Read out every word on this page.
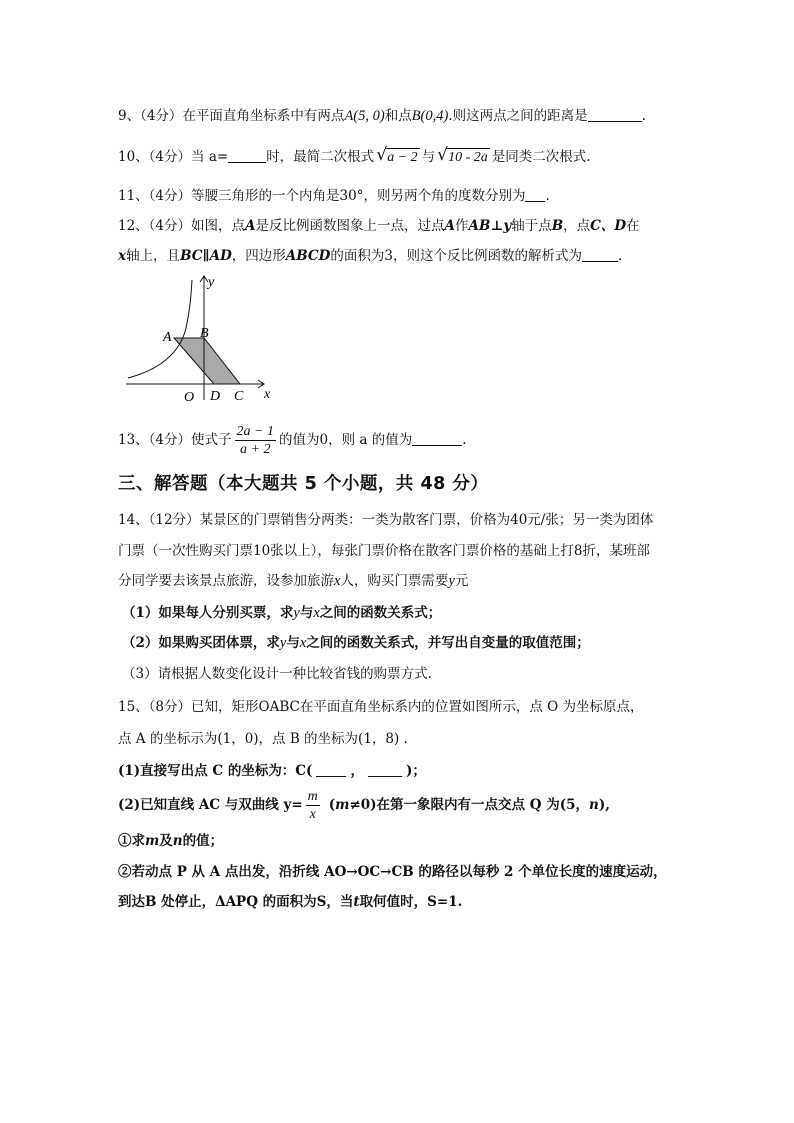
9、（4分）在平面直角坐标系中有两点A(5, 0)和点B(0,4).则这两点之间的距离是	.
10、（4分）当 a=	时，最简二次根式 √ a − 2 与 √ 10 - 2a 是同类二次根式.
11、（4分）等腰三角形的一个内角是30°，则另两个角的度数分别为 .
12、（4分）如图，点A是反比例函数图象上一点，过点A作AB⊥y轴于点B，点C、D在
x轴上，且BC∥AD，四边形ABCD的面积为3，则这个反比例函数的解析式为	.
y
x
A B
O D C
13、（4分）使式子 $\frac{2a - 1}{a + 2}$ 的值为0，则 a 的值为	.
三、解答题（本大题共 5 个小题，共 48 分）
14、（12分）某景区的门票销售分两类：一类为散客门票，价格为40元/张；另一类为团体
门票（一次性购买门票10张以上），每张门票价格在散客门票价格的基础上打8折，某班部
分同学要去该景点旅游，设参加旅游x人，购买门票需要y元
（1）如果每人分别买票，求y与x之间的函数关系式；
（2）如果购买团体票，求y与x之间的函数关系式，并写出自变量的取值范围；
（3）请根据人数变化设计一种比较省钱的购票方式.
15、（8分）已知，矩形OABC在平面直角坐标系内的位置如图所示，点 O 为坐标原点，
点 A 的坐标示为(1，0)，点 B 的坐标为(1，8) .
(1)直接写出点 C 的坐标为：C(	，	)；
(2)已知直线 AC 与双曲线 $y= \frac{m}{x} (m\ne 0)$在第一象限内有一点交点 Q 为(5，n),
①求m及n的值；
②若动点 P 从 A 点出发，沿折线 AO→OC→CB 的路径以每秒 2 个单位长度的速度运动，
到达B 处停止，ΔAPQ 的面积为S，当t取何值时，S=1.
